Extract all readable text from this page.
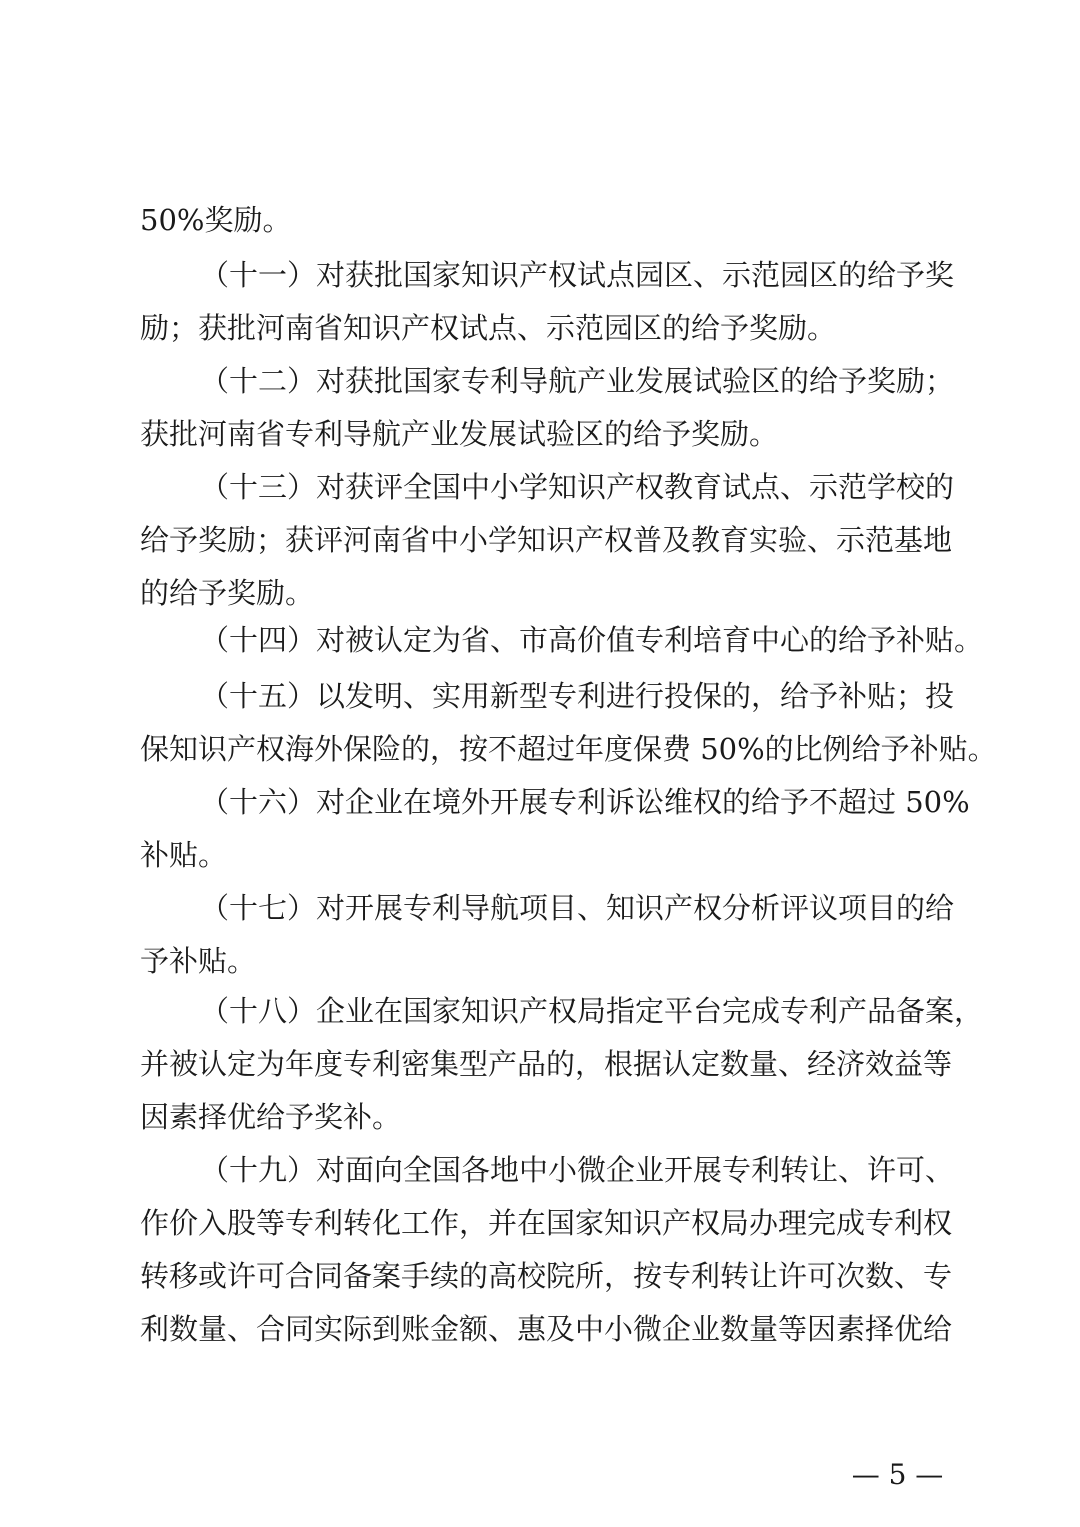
50%奖励。
（十一）对获批国家知识产权试点园区、示范园区的给予奖
励；获批河南省知识产权试点、示范园区的给予奖励。
（十二）对获批国家专利导航产业发展试验区的给予奖励；
获批河南省专利导航产业发展试验区的给予奖励。
（十三）对获评全国中小学知识产权教育试点、示范学校的
给予奖励；获评河南省中小学知识产权普及教育实验、示范基地
的给予奖励。
（十四）对被认定为省、市高价值专利培育中心的给予补贴。
（十五）以发明、实用新型专利进行投保的，给予补贴；投
保知识产权海外保险的，按不超过年度保费 50%的比例给予补贴。
（十六）对企业在境外开展专利诉讼维权的给予不超过 50%
补贴。
（十七）对开展专利导航项目、知识产权分析评议项目的给
予补贴。
（十八）企业在国家知识产权局指定平台完成专利产品备案，
并被认定为年度专利密集型产品的，根据认定数量、经济效益等
因素择优给予奖补。
（十九）对面向全国各地中小微企业开展专利转让、许可、
作价入股等专利转化工作，并在国家知识产权局办理完成专利权
转移或许可合同备案手续的高校院所，按专利转让许可次数、专
利数量、合同实际到账金额、惠及中小微企业数量等因素择优给
— 5 —
